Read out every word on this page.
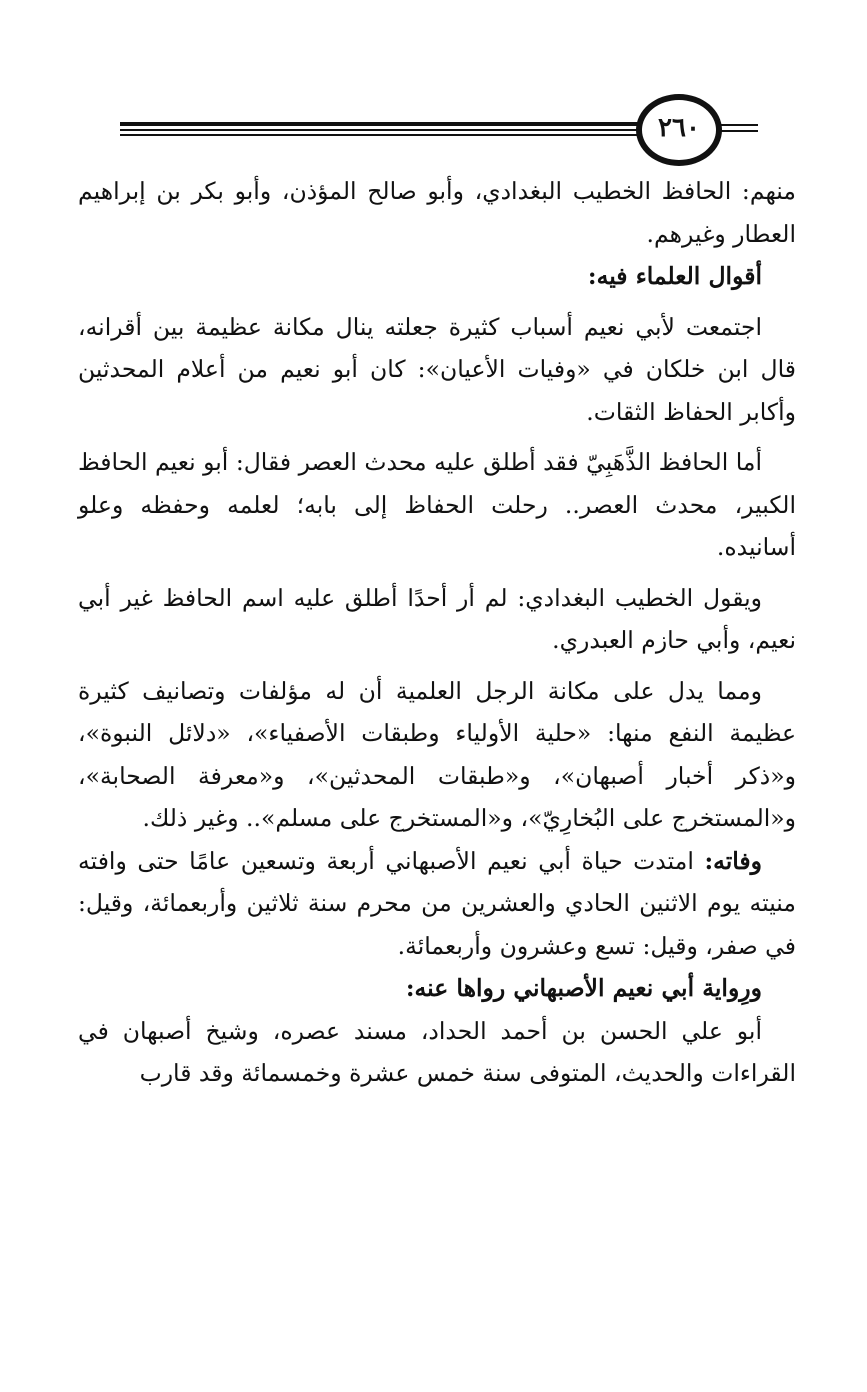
٢٦٠

منهم: الحافظ الخطيب البغدادي، وأبو صالح المؤذن، وأبو بكر بن إبراهيم العطار وغيرهم.

أقوال العلماء فيه:

اجتمعت لأبي نعيم أسباب كثيرة جعلته ينال مكانة عظيمة بين أقرانه، قال ابن خلكان في «وفيات الأعيان»: كان أبو نعيم من أعلام المحدثين وأكابر الحفاظ الثقات.

أما الحافظ الذَّهَبِيّ فقد أطلق عليه محدث العصر فقال: أبو نعيم الحافظ الكبير، محدث العصر.. رحلت الحفاظ إلى بابه؛ لعلمه وحفظه وعلو أسانيده.

ويقول الخطيب البغدادي: لم أر أحدًا أطلق عليه اسم الحافظ غير أبي نعيم، وأبي حازم العبدري.

ومما يدل على مكانة الرجل العلمية أن له مؤلفات وتصانيف كثيرة عظيمة النفع منها: «حلية الأولياء وطبقات الأصفياء»، «دلائل النبوة»، و«ذكر أخبار أصبهان»، و«طبقات المحدثين»، و«معرفة الصحابة»، و«المستخرج على البُخارِيّ»، و«المستخرج على مسلم».. وغير ذلك.

وفاته: امتدت حياة أبي نعيم الأصبهاني أربعة وتسعين عامًا حتى وافته منيته يوم الاثنين الحادي والعشرين من محرم سنة ثلاثين وأربعمائة، وقيل: في صفر، وقيل: تسع وعشرون وأربعمائة.

ورِواية أبي نعيم الأصبهاني رواها عنه:

أبو علي الحسن بن أحمد الحداد، مسند عصره، وشيخ أصبهان في القراءات والحديث، المتوفى سنة خمس عشرة وخمسمائة وقد قارب
